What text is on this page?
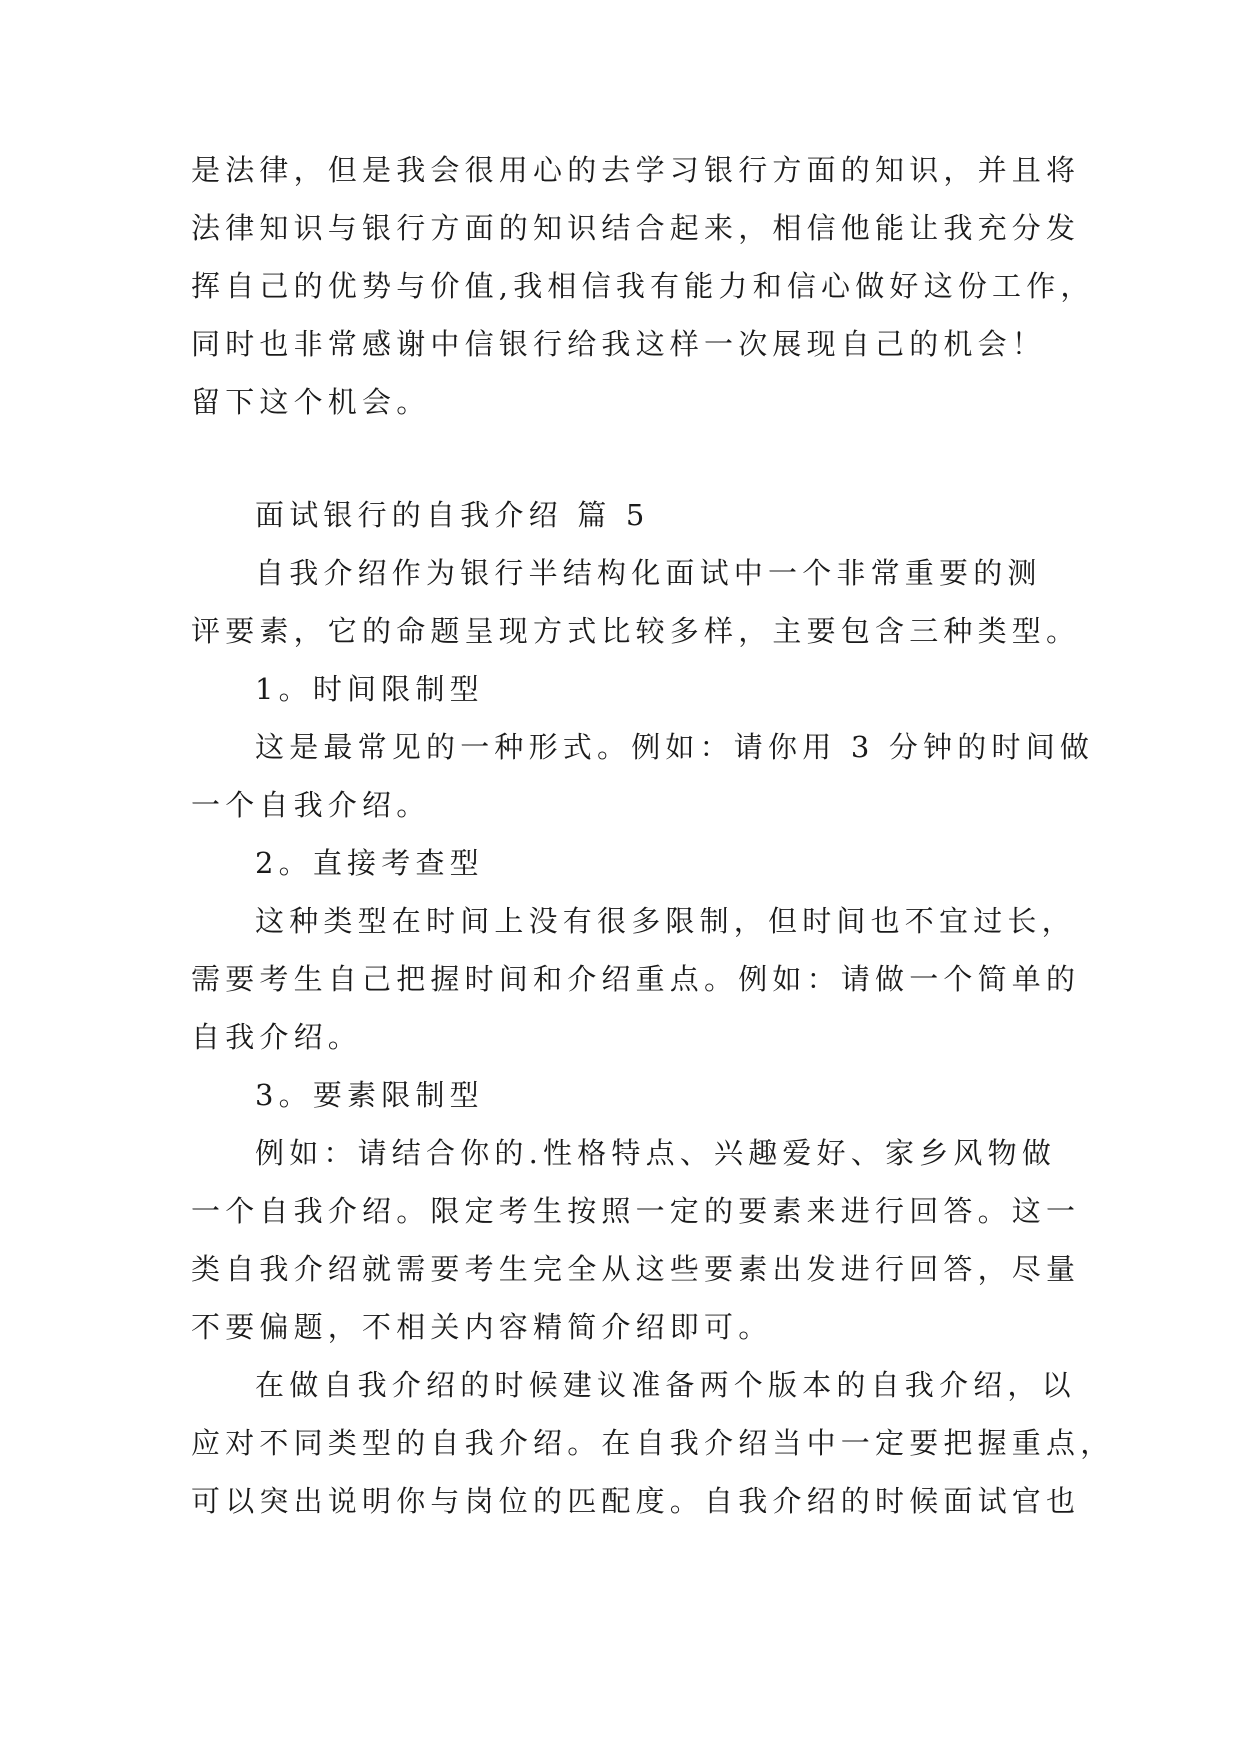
是法律，但是我会很用心的去学习银行方面的知识，并且将
法律知识与银行方面的知识结合起来，相信他能让我充分发
挥自己的优势与价值,我相信我有能力和信心做好这份工作，
同时也非常感谢中信银行给我这样一次展现自己的机会！
留下这个机会。
面试银行的自我介绍 篇 5
自我介绍作为银行半结构化面试中一个非常重要的测
评要素，它的命题呈现方式比较多样，主要包含三种类型。
1。时间限制型
这是最常见的一种形式。例如：请你用 3 分钟的时间做
一个自我介绍。
2。直接考查型
这种类型在时间上没有很多限制，但时间也不宜过长，
需要考生自己把握时间和介绍重点。例如：请做一个简单的
自我介绍。
3。要素限制型
例如：请结合你的.性格特点、兴趣爱好、家乡风物做
一个自我介绍。限定考生按照一定的要素来进行回答。这一
类自我介绍就需要考生完全从这些要素出发进行回答，尽量
不要偏题，不相关内容精简介绍即可。
在做自我介绍的时候建议准备两个版本的自我介绍，以
应对不同类型的自我介绍。在自我介绍当中一定要把握重点，
可以突出说明你与岗位的匹配度。自我介绍的时候面试官也
